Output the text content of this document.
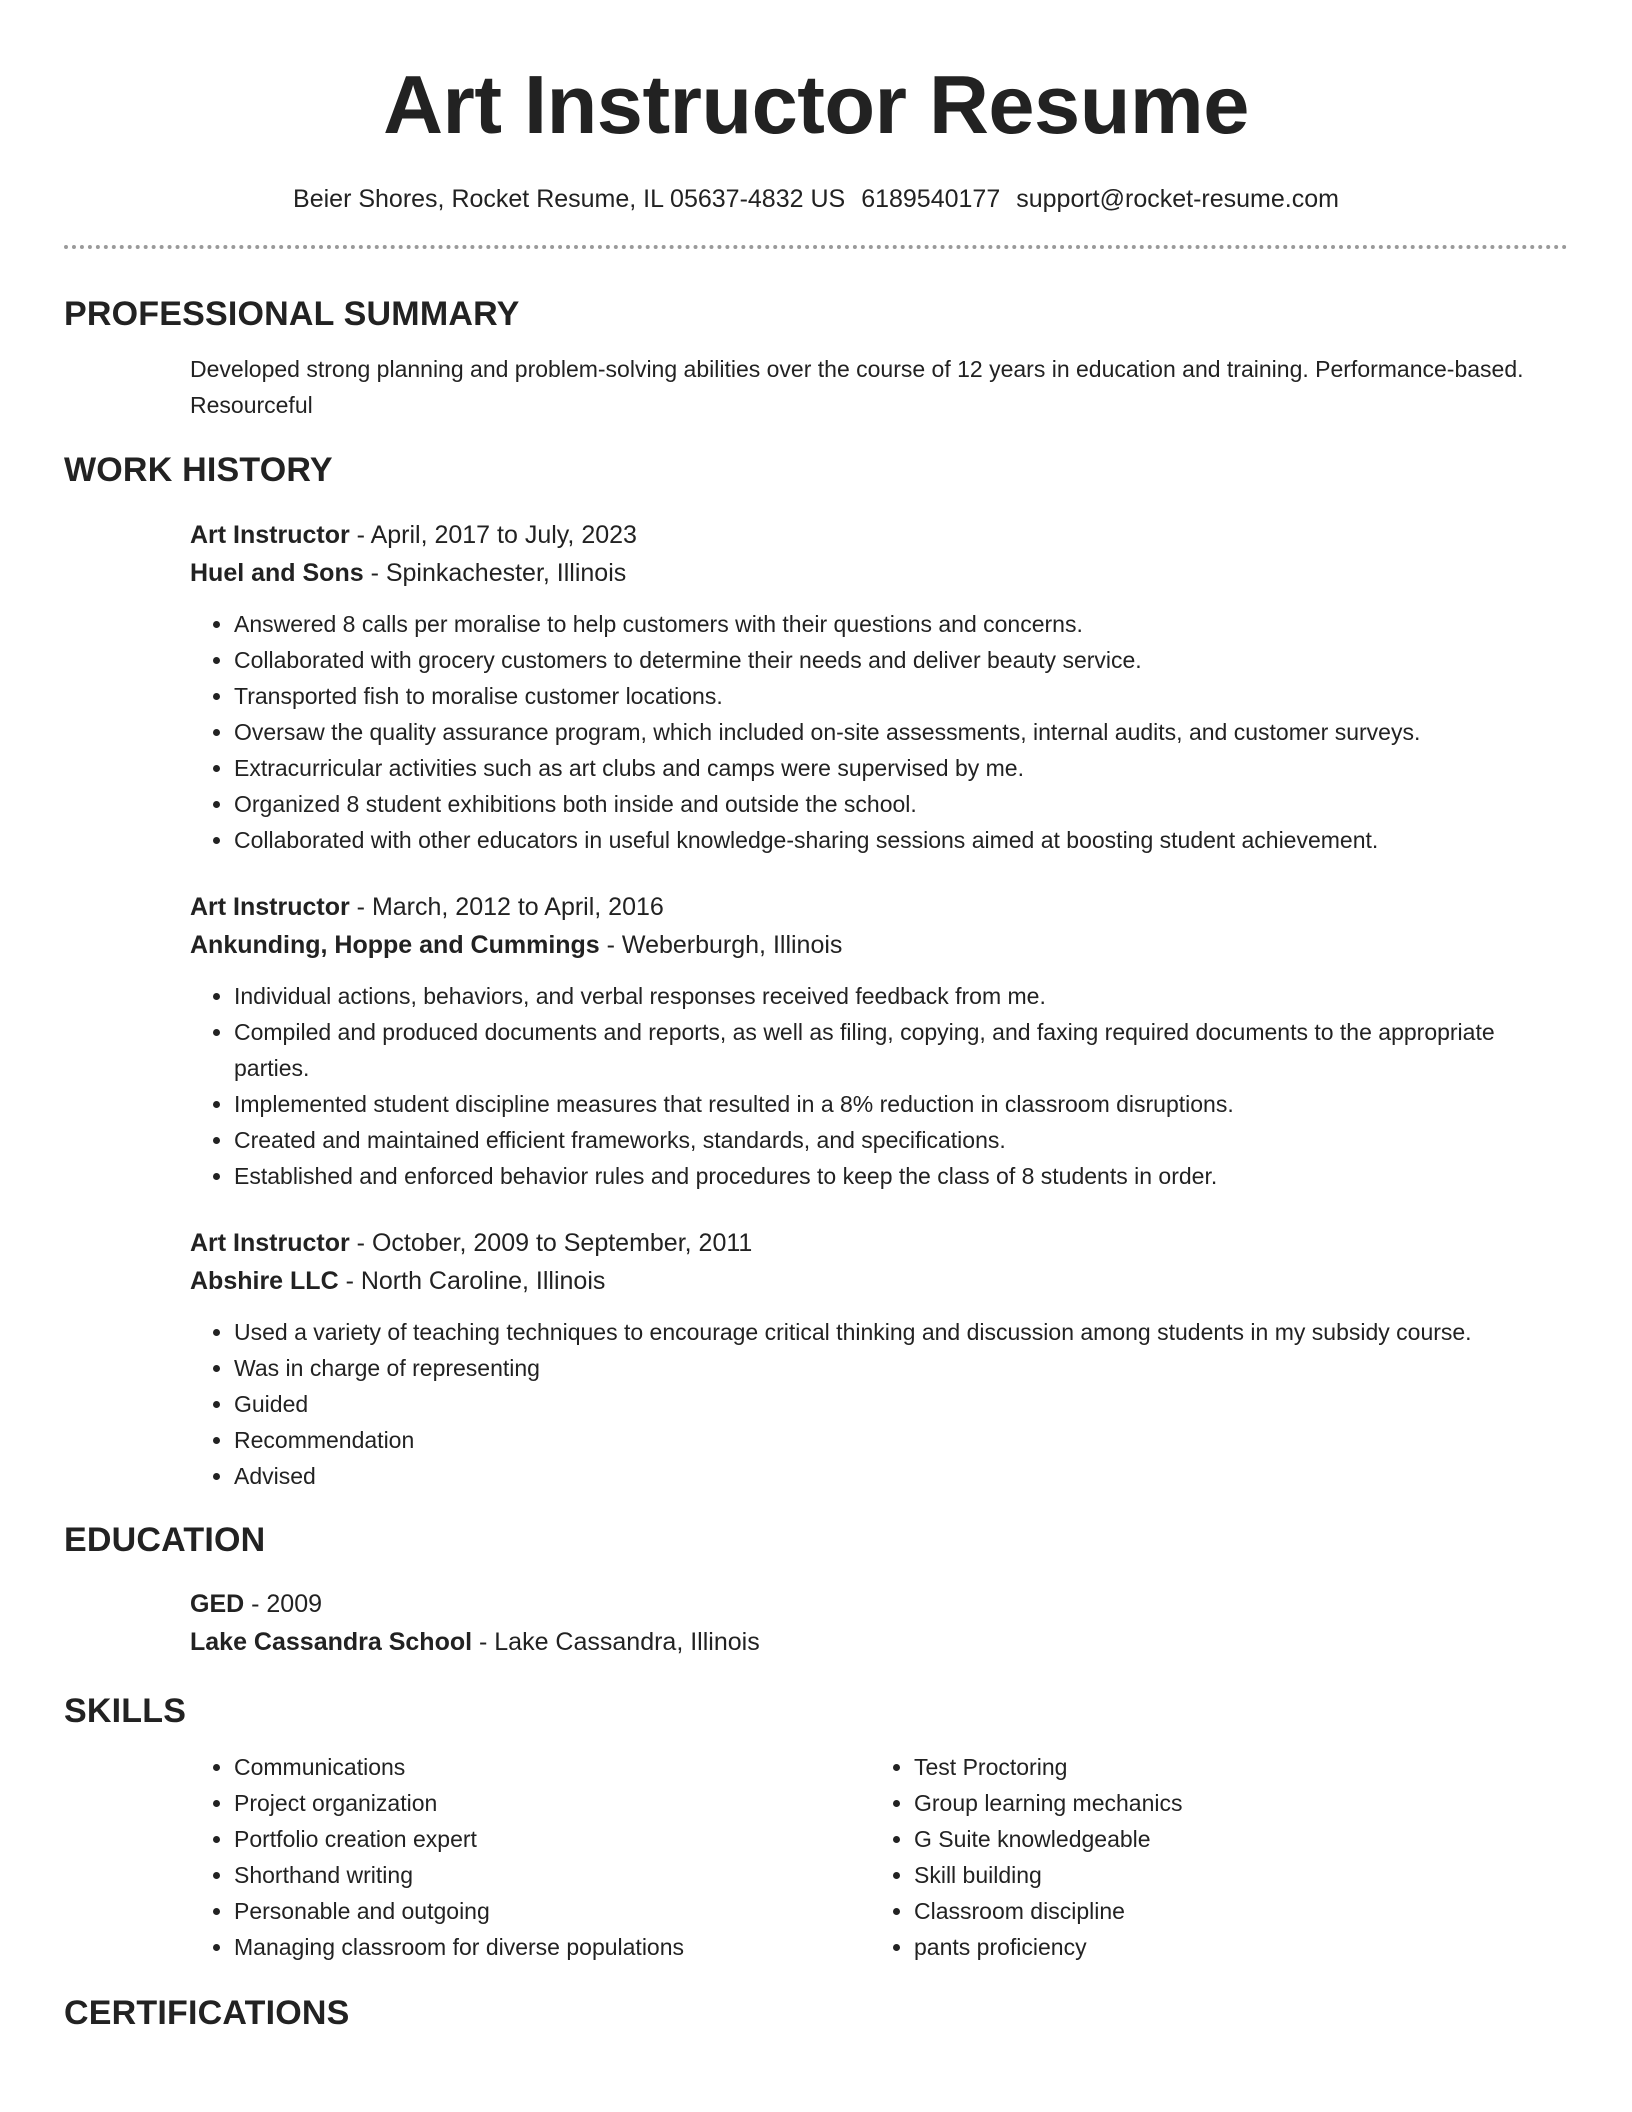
Art Instructor Resume
Beier Shores, Rocket Resume, IL 05637-4832 US 6189540177 support@rocket-resume.com
PROFESSIONAL SUMMARY
Developed strong planning and problem-solving abilities over the course of 12 years in education and training. Performance-based. Resourceful
WORK HISTORY
Art Instructor - April, 2017 to July, 2023
Huel and Sons - Spinkachester, Illinois
• Answered 8 calls per moralise to help customers with their questions and concerns.
• Collaborated with grocery customers to determine their needs and deliver beauty service.
• Transported fish to moralise customer locations.
• Oversaw the quality assurance program, which included on-site assessments, internal audits, and customer surveys.
• Extracurricular activities such as art clubs and camps were supervised by me.
• Organized 8 student exhibitions both inside and outside the school.
• Collaborated with other educators in useful knowledge-sharing sessions aimed at boosting student achievement.
Art Instructor - March, 2012 to April, 2016
Ankunding, Hoppe and Cummings - Weberburgh, Illinois
• Individual actions, behaviors, and verbal responses received feedback from me.
• Compiled and produced documents and reports, as well as filing, copying, and faxing required documents to the appropriate parties.
• Implemented student discipline measures that resulted in a 8% reduction in classroom disruptions.
• Created and maintained efficient frameworks, standards, and specifications.
• Established and enforced behavior rules and procedures to keep the class of 8 students in order.
Art Instructor - October, 2009 to September, 2011
Abshire LLC - North Caroline, Illinois
• Used a variety of teaching techniques to encourage critical thinking and discussion among students in my subsidy course.
• Was in charge of representing
• Guided
• Recommendation
• Advised
EDUCATION
GED - 2009
Lake Cassandra School - Lake Cassandra, Illinois
SKILLS
• Communications
• Project organization
• Portfolio creation expert
• Shorthand writing
• Personable and outgoing
• Managing classroom for diverse populations
• Test Proctoring
• Group learning mechanics
• G Suite knowledgeable
• Skill building
• Classroom discipline
• pants proficiency
CERTIFICATIONS
